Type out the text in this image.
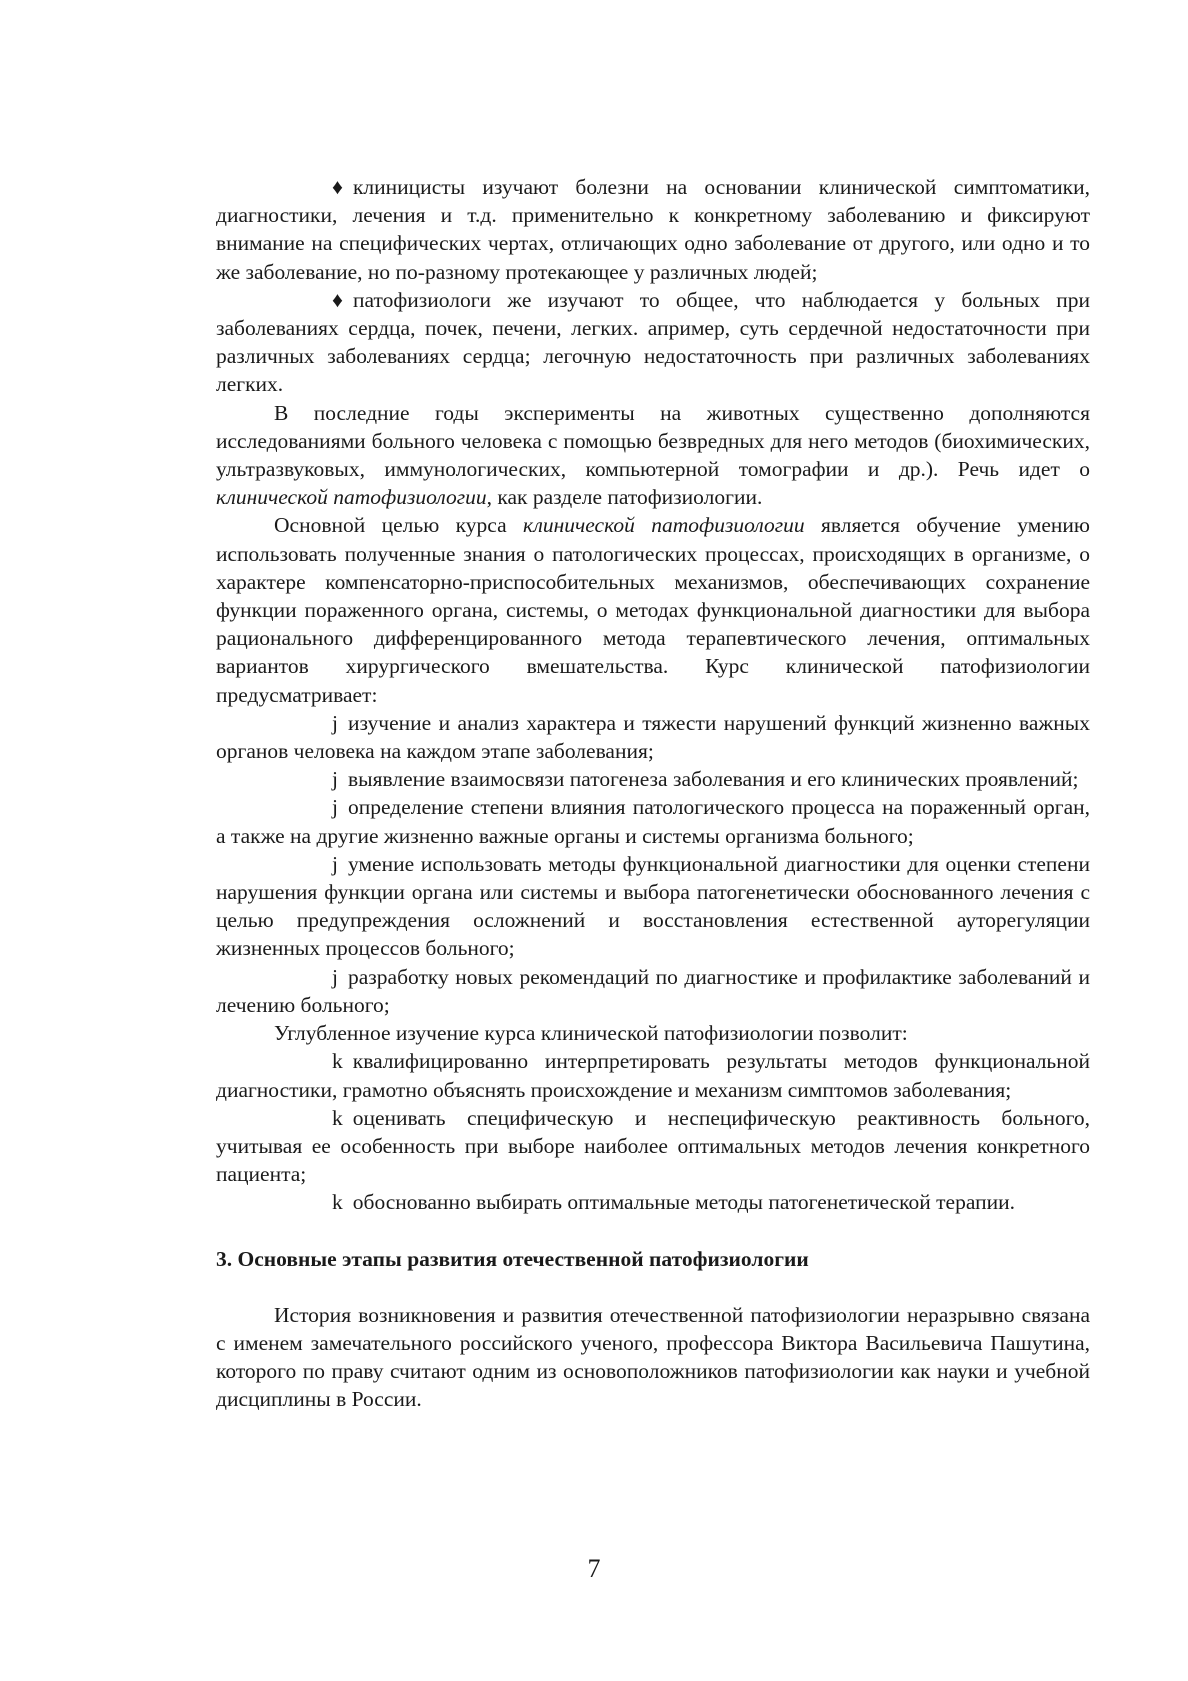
♦ клиницисты изучают болезни на основании клинической симптоматики, диагностики, лечения и т.д. применительно к конкретному заболеванию и фиксируют внимание на специфических чертах, отличающих одно заболевание от другого, или одно и то же заболевание, но по-разному протекающее у различных людей;

♦ патофизиологи же изучают то общее, что наблюдается у больных при заболеваниях сердца, почек, печени, легких. апример, суть сердечной недостаточности при различных заболеваниях сердца; легочную недостаточность при различных заболеваниях легких.

В последние годы эксперименты на животных существенно дополняются исследованиями больного человека с помощью безвредных для него методов (биохимических, ультразвуковых, иммунологических, компьютерной томографии и др.). Речь идет о клинической патофизиологии, как разделе патофизиологии.

Основной целью курса клинической патофизиологии является обучение умению использовать полученные знания о патологических процессах, происходящих в организме, о характере компенсаторно-приспособительных механизмов, обеспечивающих сохранение функции пораженного органа, системы, о методах функциональной диагностики для выбора рационального дифференцированного метода терапевтического лечения, оптимальных вариантов хирургического вмешательства. Курс клинической патофизиологии предусматривает:

j изучение и анализ характера и тяжести нарушений функций жизненно важных органов человека на каждом этапе заболевания;

j выявление взаимосвязи патогенеза заболевания и его клинических проявлений;

j определение степени влияния патологического процесса на пораженный орган, а также на другие жизненно важные органы и системы организма больного;

j умение использовать методы функциональной диагностики для оценки степени нарушения функции органа или системы и выбора патогенетически обоснованного лечения с целью предупреждения осложнений и восстановления естественной ауторегуляции жизненных процессов больного;

j разработку новых рекомендаций по диагностике и профилактике заболеваний и лечению больного;

Углубленное изучение курса клинической патофизиологии позволит:

k квалифицированно интерпретировать результаты методов функциональной диагностики, грамотно объяснять происхождение и механизм симптомов заболевания;

k оценивать специфическую и неспецифическую реактивность больного, учитывая ее особенность при выборе наиболее оптимальных методов лечения конкретного пациента;

k обоснованно выбирать оптимальные методы патогенетической терапии.

3. Основные этапы развития отечественной патофизиологии

История возникновения и развития отечественной патофизиологии неразрывно связана с именем замечательного российского ученого, профессора Виктора Васильевича Пашутина, которого по праву считают одним из основоположников патофизиологии как науки и учебной дисциплины в России.

7
